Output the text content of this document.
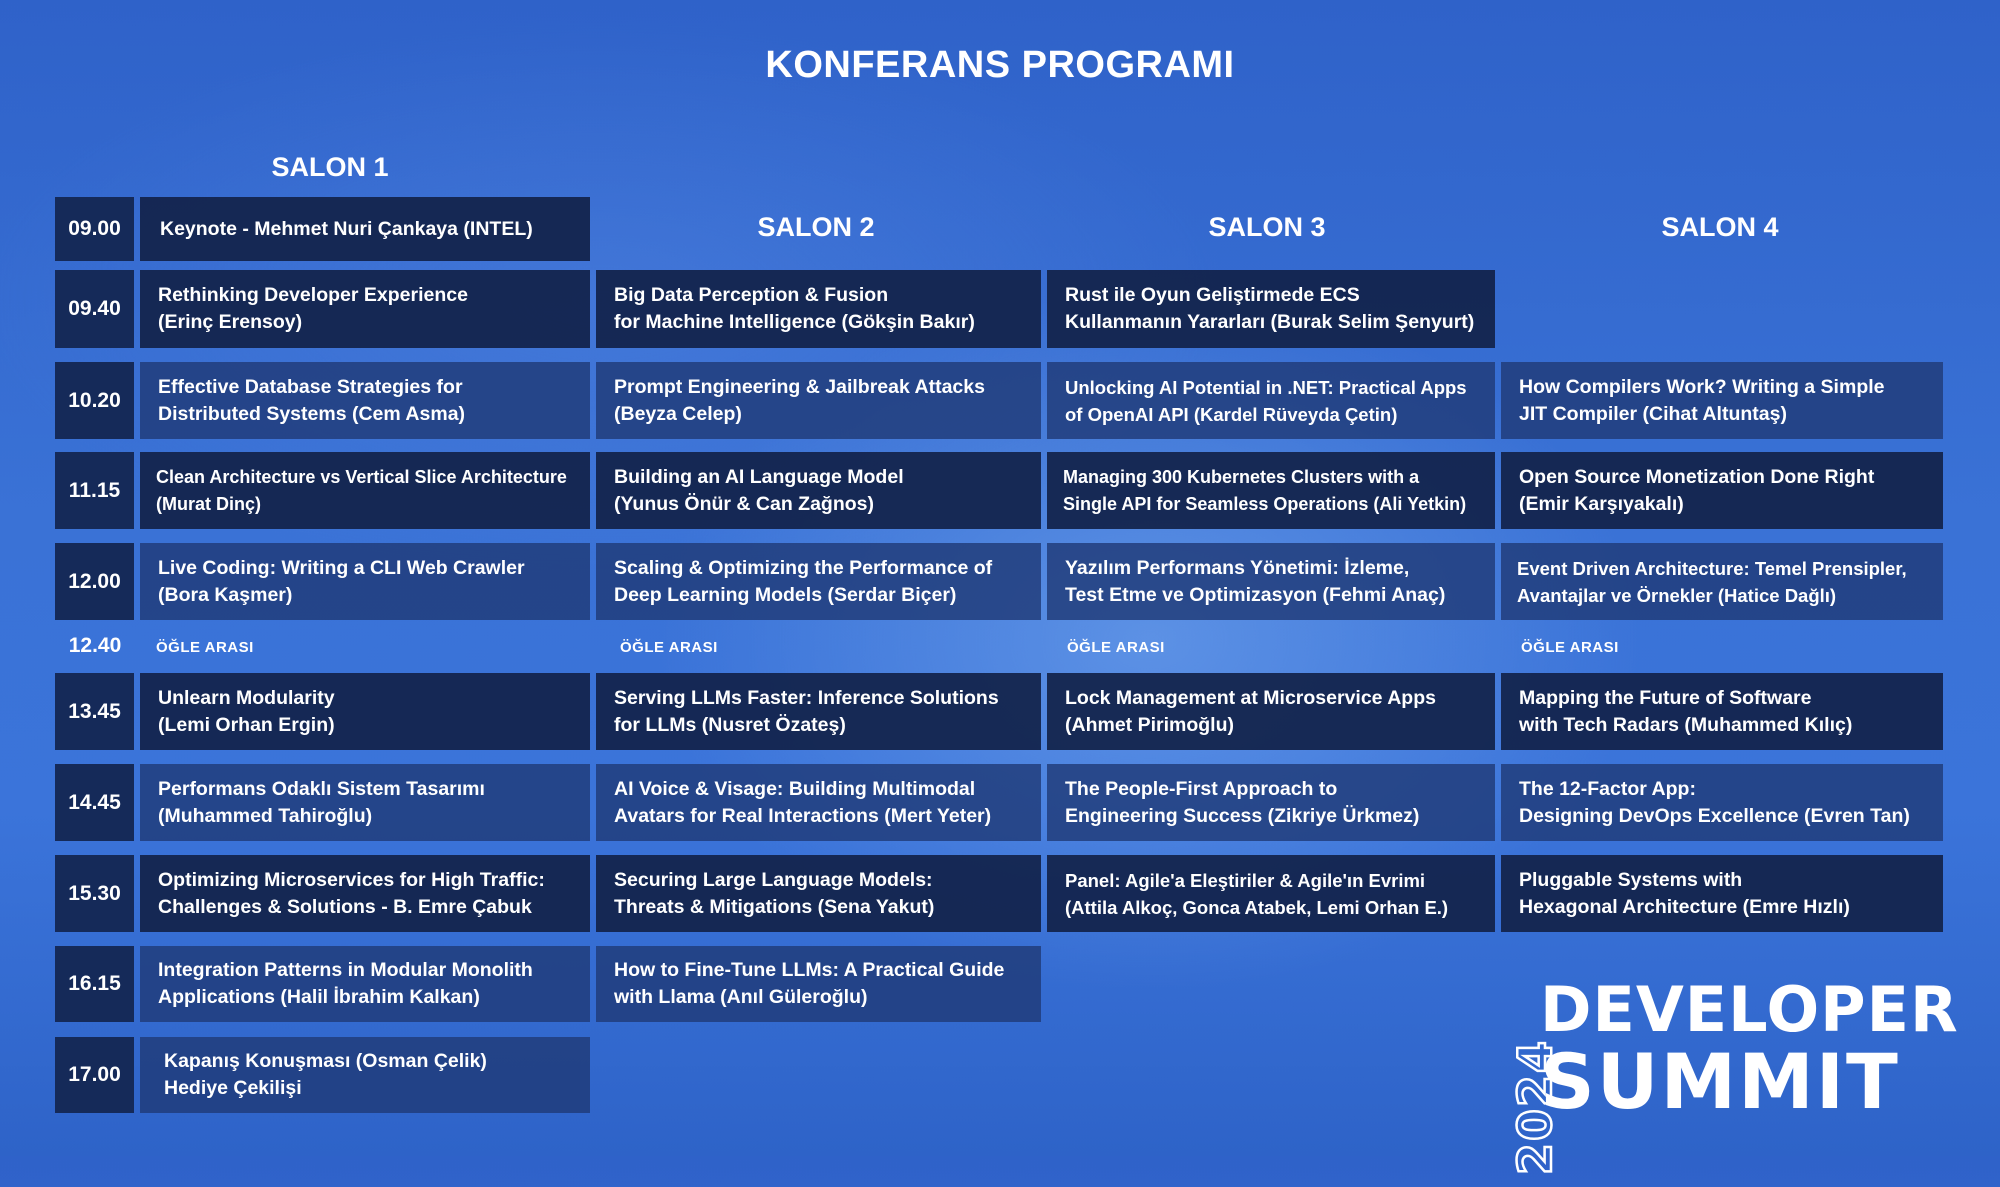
KONFERANS PROGRAMI
SALON 1
SALON 2	SALON 3	SALON 4
09.00
09.40
10.20
11.15
12.00
12.40
13.45
14.45
15.30
16.15
17.00
Keynote - Mehmet Nuri Çankaya (INTEL)
Rethinking Developer Experience
(Erinç Erensoy)
Effective Database Strategies for
Distributed Systems (Cem Asma)
Clean Architecture vs Vertical Slice Architecture
(Murat Dinç)
Live Coding: Writing a CLI Web Crawler
(Bora Kaşmer)
ÖĞLE ARASI
Unlearn Modularity
(Lemi Orhan Ergin)
Performans Odaklı Sistem Tasarımı
(Muhammed Tahiroğlu)
Optimizing Microservices for High Traffic:
Challenges & Solutions - B. Emre Çabuk
Integration Patterns in Modular Monolith
Applications (Halil İbrahim Kalkan)
Kapanış Konuşması (Osman Çelik)
Hediye Çekilişi
Big Data Perception & Fusion
for Machine Intelligence (Gökşin Bakır)
Prompt Engineering & Jailbreak Attacks
(Beyza Celep)
Building an AI Language Model
(Yunus Önür & Can Zağnos)
Scaling & Optimizing the Performance of
Deep Learning Models (Serdar Biçer)
ÖĞLE ARASI
Serving LLMs Faster: Inference Solutions
for LLMs (Nusret Özateş)
AI Voice & Visage: Building Multimodal
Avatars for Real Interactions (Mert Yeter)
Securing Large Language Models:
Threats & Mitigations (Sena Yakut)
How to Fine-Tune LLMs: A Practical Guide
with Llama (Anıl Güleroğlu)
Rust ile Oyun Geliştirmede ECS
Kullanmanın Yararları (Burak Selim Şenyurt)
Unlocking AI Potential in .NET: Practical Apps
of OpenAI API (Kardel Rüveyda Çetin)
Managing 300 Kubernetes Clusters with a
Single API for Seamless Operations (Ali Yetkin)
Yazılım Performans Yönetimi: İzleme,
Test Etme ve Optimizasyon (Fehmi Anaç)
ÖĞLE ARASI
Lock Management at Microservice Apps
(Ahmet Pirimoğlu)
The People-First Approach to
Engineering Success (Zikriye Ürkmez)
Panel: Agile'a Eleştiriler & Agile'ın Evrimi
(Attila Alkoç, Gonca Atabek, Lemi Orhan E.)
How Compilers Work? Writing a Simple
JIT Compiler (Cihat Altuntaş)
Open Source Monetization Done Right
(Emir Karşıyakalı)
Event Driven Architecture: Temel Prensipler,
Avantajlar ve Örnekler (Hatice Dağlı)
ÖĞLE ARASI
Mapping the Future of Software
with Tech Radars (Muhammed Kılıç)
The 12-Factor App:
Designing DevOps Excellence (Evren Tan)
Pluggable Systems with
Hexagonal Architecture (Emre Hızlı)
2024
DEVELOPER
SUMMIT
